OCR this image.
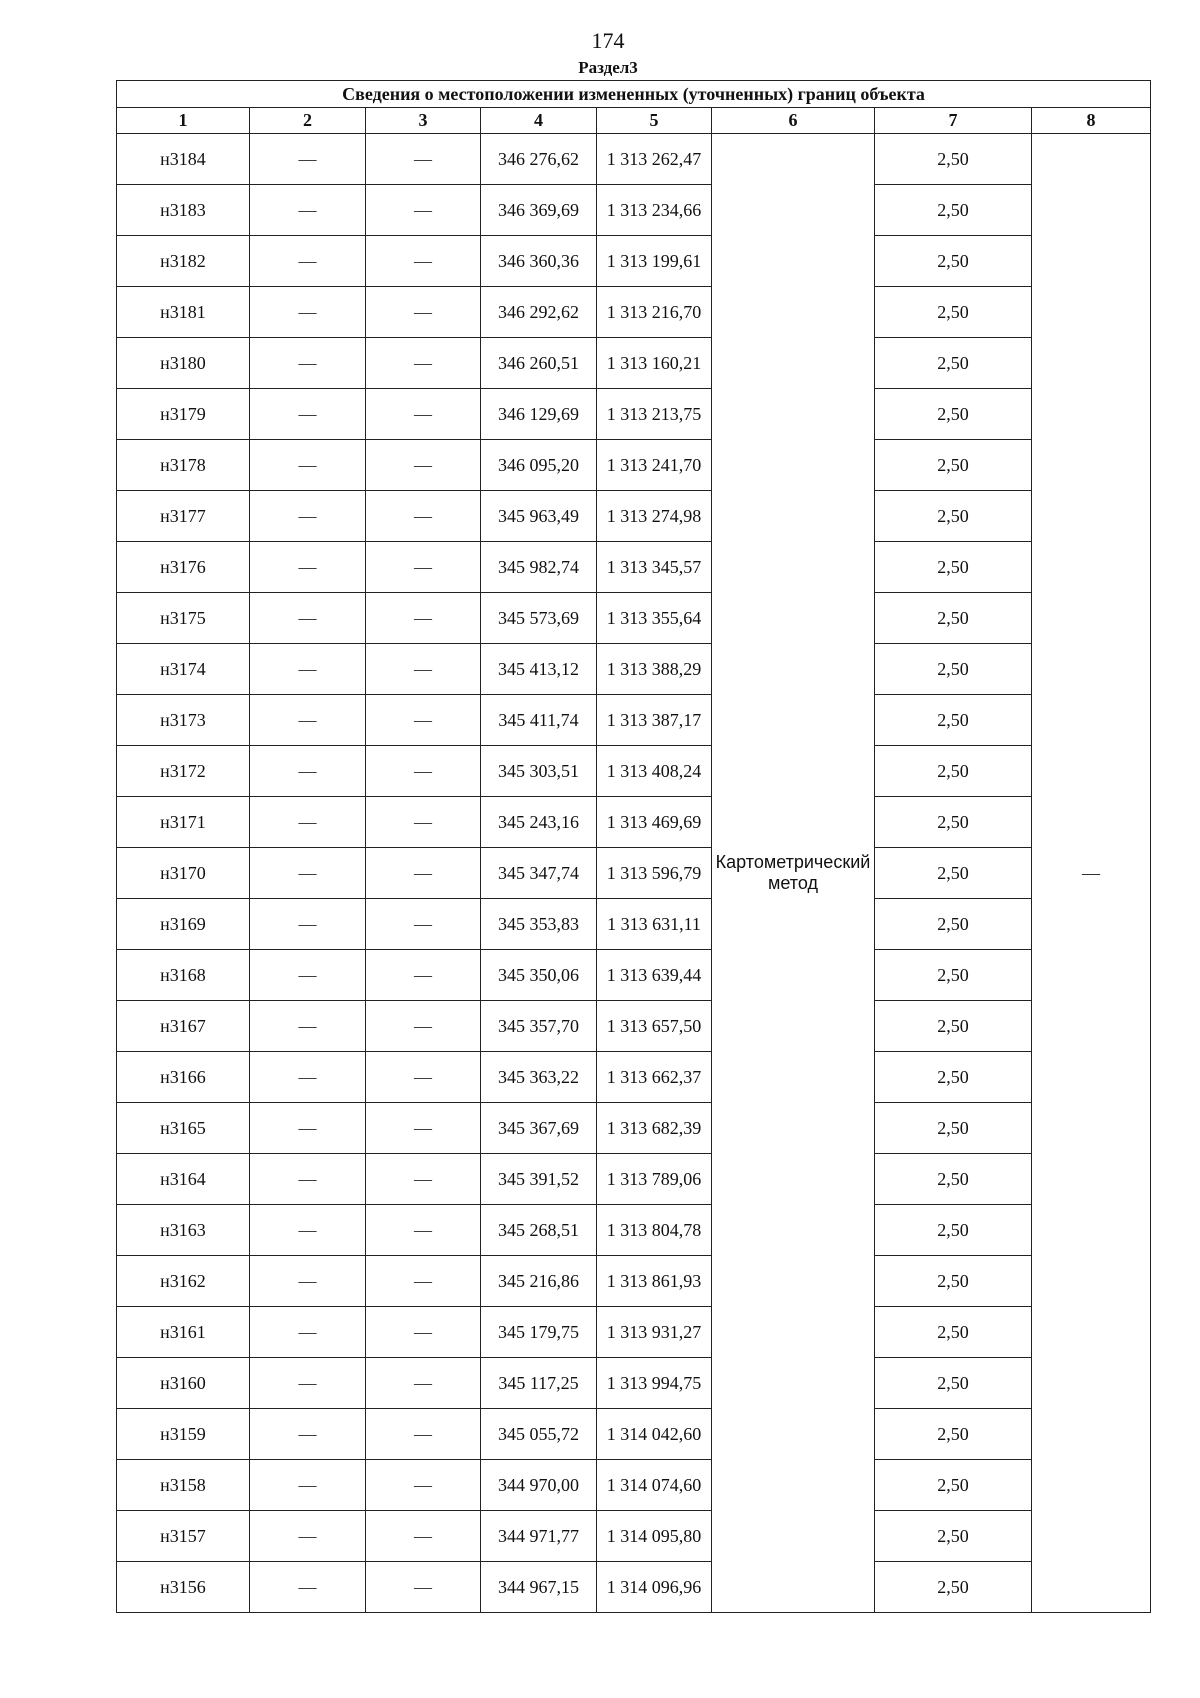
174
Раздел3
Сведения о местоположении измененных (уточненных) границ объекта							
1	2	3	4	5	6	7	8
н3184	—	—	346 276,62	1 313 262,47	Картометрический метод	2,50	—
н3183	—	—	346 369,69	1 313 234,66		2,50	
н3182	—	—	346 360,36	1 313 199,61		2,50	
н3181	—	—	346 292,62	1 313 216,70		2,50	
н3180	—	—	346 260,51	1 313 160,21		2,50	
н3179	—	—	346 129,69	1 313 213,75		2,50	
н3178	—	—	346 095,20	1 313 241,70		2,50	
н3177	—	—	345 963,49	1 313 274,98		2,50	
н3176	—	—	345 982,74	1 313 345,57		2,50	
н3175	—	—	345 573,69	1 313 355,64		2,50	
н3174	—	—	345 413,12	1 313 388,29		2,50	
н3173	—	—	345 411,74	1 313 387,17		2,50	
н3172	—	—	345 303,51	1 313 408,24		2,50	
н3171	—	—	345 243,16	1 313 469,69		2,50	
н3170	—	—	345 347,74	1 313 596,79		2,50	
н3169	—	—	345 353,83	1 313 631,11		2,50	
н3168	—	—	345 350,06	1 313 639,44		2,50	
н3167	—	—	345 357,70	1 313 657,50		2,50	
н3166	—	—	345 363,22	1 313 662,37		2,50	
н3165	—	—	345 367,69	1 313 682,39		2,50	
н3164	—	—	345 391,52	1 313 789,06		2,50	
н3163	—	—	345 268,51	1 313 804,78		2,50	
н3162	—	—	345 216,86	1 313 861,93		2,50	
н3161	—	—	345 179,75	1 313 931,27		2,50	
н3160	—	—	345 117,25	1 313 994,75		2,50	
н3159	—	—	345 055,72	1 314 042,60		2,50	
н3158	—	—	344 970,00	1 314 074,60		2,50	
н3157	—	—	344 971,77	1 314 095,80		2,50	
н3156	—	—	344 967,15	1 314 096,96		2,50	
